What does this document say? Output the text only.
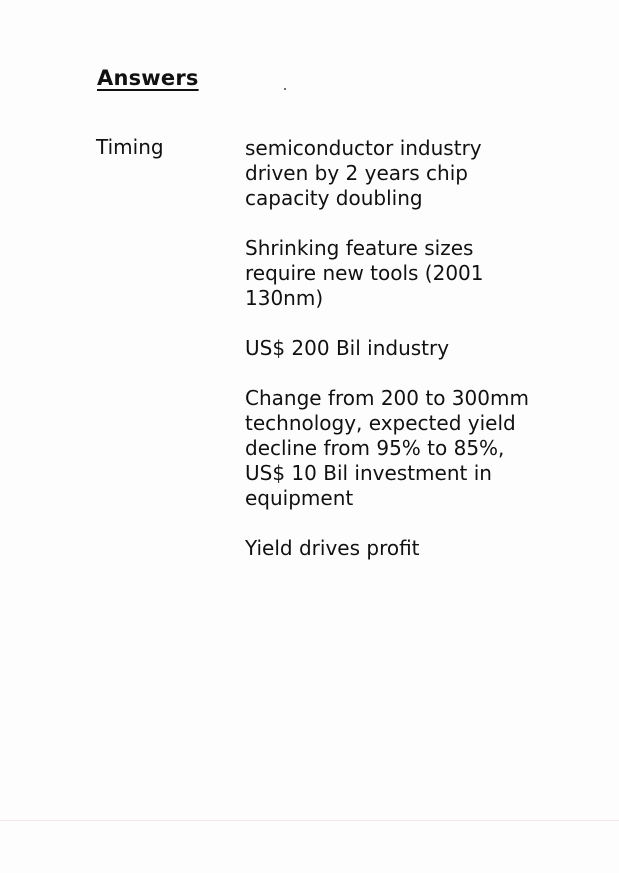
Answers
Timing	semiconductor industry
driven by 2 years chip
capacity doubling
Shrinking feature sizes
require new tools (2001
130nm)
US$ 200 Bil industry
Change from 200 to 300mm
technology, expected yield
decline from 95% to 85%,
US$ 10 Bil investment in
equipment
Yield drives profit
